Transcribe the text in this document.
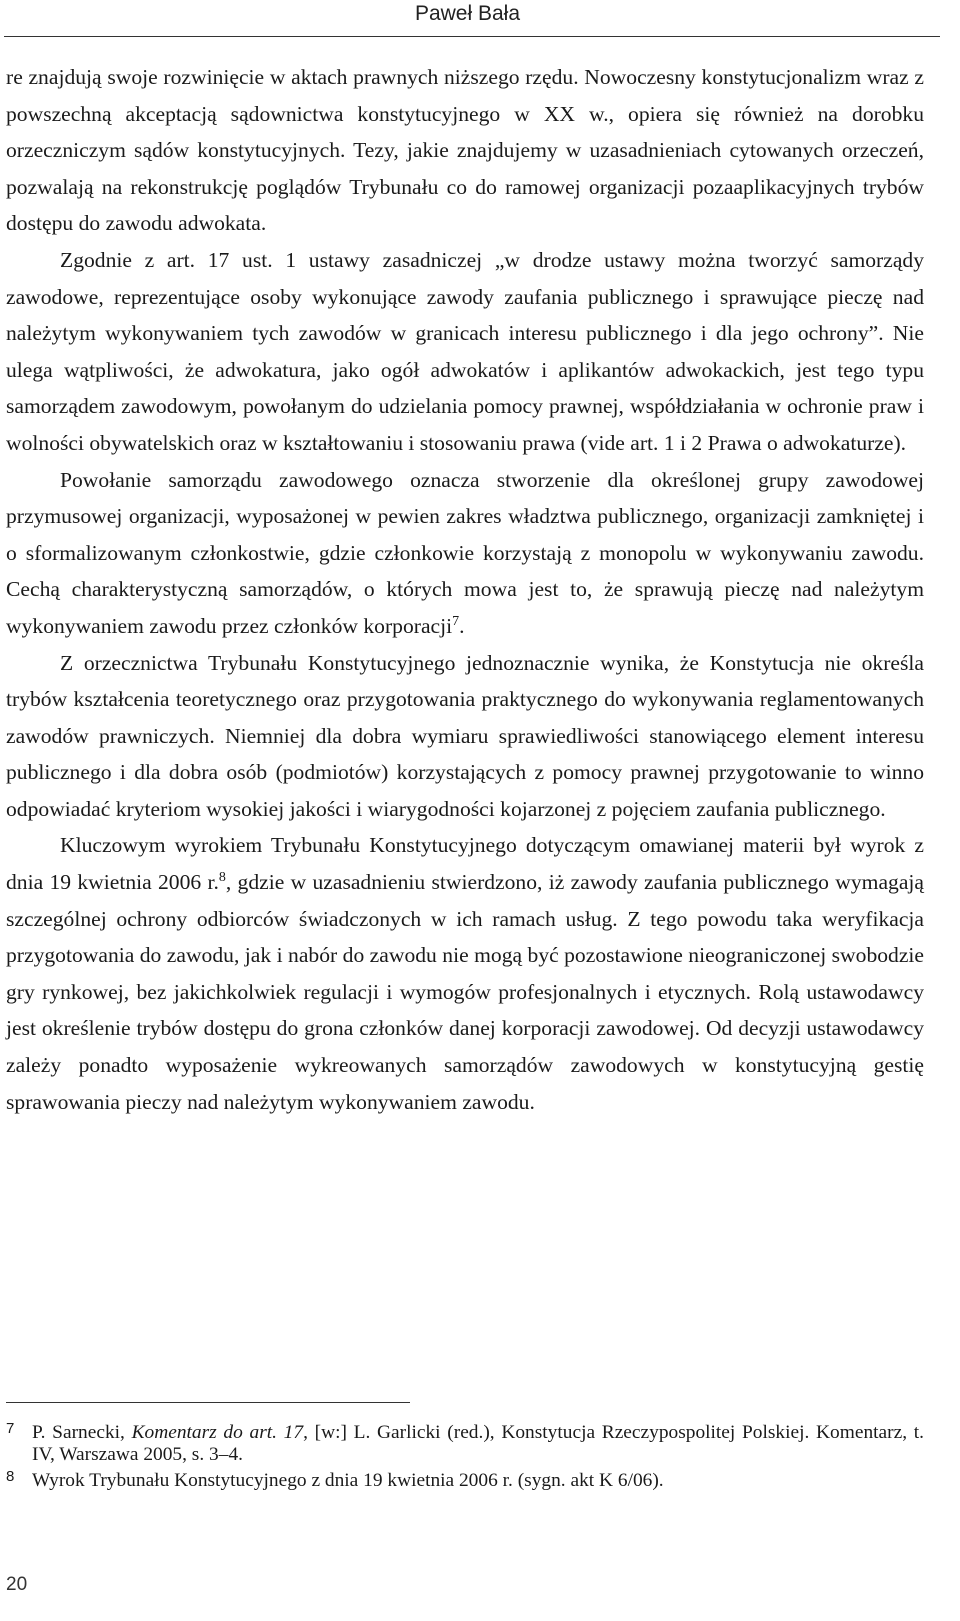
Paweł Bała

re znajdują swoje rozwinięcie w aktach prawnych niższego rzędu. Nowoczesny konstytucjonalizm wraz z powszechną akceptacją sądownictwa konstytucyjnego w XX w., opiera się również na dorobku orzeczniczym sądów konstytucyjnych. Tezy, jakie znajdujemy w uzasadnieniach cytowanych orzeczeń, pozwalają na rekonstrukcję poglądów Trybunału co do ramowej organizacji pozaaplikacyjnych trybów dostępu do zawodu adwokata.

Zgodnie z art. 17 ust. 1 ustawy zasadniczej „w drodze ustawy można tworzyć samorządy zawodowe, reprezentujące osoby wykonujące zawody zaufania publicznego i sprawujące pieczę nad należytym wykonywaniem tych zawodów w granicach interesu publicznego i dla jego ochrony”. Nie ulega wątpliwości, że adwokatura, jako ogół adwokatów i aplikantów adwokackich, jest tego typu samorządem zawodowym, powołanym do udzielania pomocy prawnej, współdziałania w ochronie praw i wolności obywatelskich oraz w kształtowaniu i stosowaniu prawa (vide art. 1 i 2 Prawa o adwokaturze).

Powołanie samorządu zawodowego oznacza stworzenie dla określonej grupy zawodowej przymusowej organizacji, wyposażonej w pewien zakres władztwa publicznego, organizacji zamkniętej i o sformalizowanym członkostwie, gdzie członkowie korzystają z monopolu w wykonywaniu zawodu. Cechą charakterystyczną samorządów, o których mowa jest to, że sprawują pieczę nad należytym wykonywaniem zawodu przez członków korporacji$^7$.

Z orzecznictwa Trybunału Konstytucyjnego jednoznacznie wynika, że Konstytucja nie określa trybów kształcenia teoretycznego oraz przygotowania praktycznego do wykonywania reglamentowanych zawodów prawniczych. Niemniej dla dobra wymiaru sprawiedliwości stanowiącego element interesu publicznego i dla dobra osób (podmiotów) korzystających z pomocy prawnej przygotowanie to winno odpowiadać kryteriom wysokiej jakości i wiarygodności kojarzonej z pojęciem zaufania publicznego.

Kluczowym wyrokiem Trybunału Konstytucyjnego dotyczącym omawianej materii był wyrok z dnia 19 kwietnia 2006 r.$^8$, gdzie w uzasadnieniu stwierdzono, iż zawody zaufania publicznego wymagają szczególnej ochrony odbiorców świadczonych w ich ramach usług. Z tego powodu taka weryfikacja przygotowania do zawodu, jak i nabór do zawodu nie mogą być pozostawione nieograniczonej swobodzie gry rynkowej, bez jakichkolwiek regulacji i wymogów profesjonalnych i etycznych. Rolą ustawodawcy jest określenie trybów dostępu do grona członków danej korporacji zawodowej. Od decyzji ustawodawcy zależy ponadto wyposażenie wykreowanych samorządów zawodowych w konstytucyjną gestię sprawowania pieczy nad należytym wykonywaniem zawodu.

7 P. Sarnecki, Komentarz do art. 17, [w:] L. Garlicki (red.), Konstytucja Rzeczypospolitej Polskiej. Komentarz, t. IV, Warszawa 2005, s. 3–4.
8 Wyrok Trybunału Konstytucyjnego z dnia 19 kwietnia 2006 r. (sygn. akt K 6/06).
20
